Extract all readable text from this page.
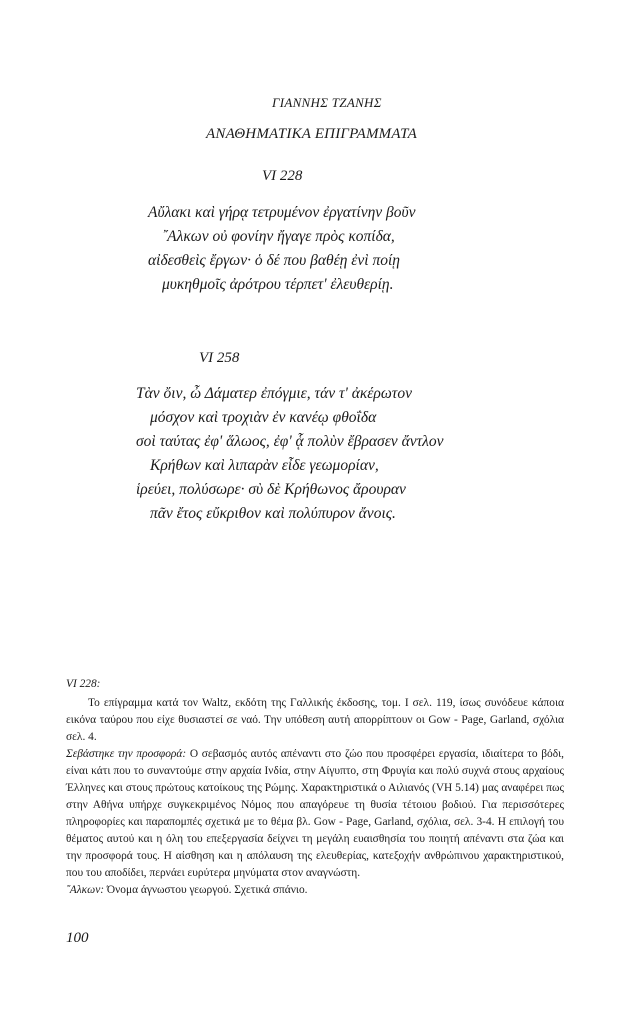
ΓΙΑΝΝΗΣ ΤΖΑΝΗΣ
ΑΝΑΘΗΜΑΤΙΚΑ ΕΠΙΓΡΑΜΜΑΤΑ
VI 228
Αὔλακι καὶ γήρᾳ τετρυμένον ἐργατίνην βοῦν
῎Αλκων οὐ φονίην ἤγαγε πρὸς κοπίδα,
αἰδεσθεὶς ἔργων· ὁ δέ που βαθέῃ ἐνὶ ποίῃ
μυκηθμοῖς ἀρότρου τέρπετ' ἐλευθερίῃ.
VI 258
Τὰν ὄιν, ὦ Δάματερ ἐπόγμιε, τάν τ' ἀκέρωτον
μόσχον καὶ τροχιὰν ἐν κανέῳ φθοΐδα
σοὶ ταύτας ἐφ' ἅλωος, ἐφ' ᾇ πολὺν ἔβρασεν ἄντλον
Κρήθων καὶ λιπαρὰν εἶδε γεωμορίαν,
ἱρεύει, πολύσωρε· σὺ δὲ Κρήθωνος ἄρουραν
πᾶν ἔτος εὔκριθον καὶ πολύπυρον ἄνοις.
VI 228:

Το επίγραμμα κατά τον Waltz, εκδότη της Γαλλικής έκδοσης, τομ. I σελ. 119, ίσως συνόδευε κάποια εικόνα ταύρου που είχε θυσιαστεί σε ναό. Την υπόθεση αυτή απορρίπτουν οι Gow - Page, Garland, σχόλια σελ. 4.

Σεβάστηκε την προσφορά: Ο σεβασμός αυτός απέναντι στο ζώο που προσφέρει εργασία, ιδιαίτερα το βόδι, είναι κάτι που το συναντούμε στην αρχαία Ινδία, στην Αίγυπτο, στη Φρυγία και πολύ συχνά στους αρχαίους Έλληνες και στους πρώτους κατοίκους της Ρώμης. Χαρακτηριστικά ο Αιλιανός (VH 5.14) μας αναφέρει πως στην Αθήνα υπήρχε συγκεκριμένος Νόμος που απαγόρευε τη θυσία τέτοιου βοδιού. Για περισσότερες πληροφορίες και παραπομπές σχετικά με το θέμα βλ. Gow - Page, Garland, σχόλια, σελ. 3-4. Η επιλογή του θέματος αυτού και η όλη του επεξεργασία δείχνει τη μεγάλη ευαισθησία του ποιητή απέναντι στα ζώα και την προσφορά τους. Η αίσθηση και η απόλαυση της ελευθερίας, κατεξοχήν ανθρώπινου χαρακτηριστικού, που του αποδίδει, περνάει ευρύτερα μηνύματα στον αναγνώστη.

῎Αλκων: Όνομα άγνωστου γεωργού. Σχετικά σπάνιο.

100
